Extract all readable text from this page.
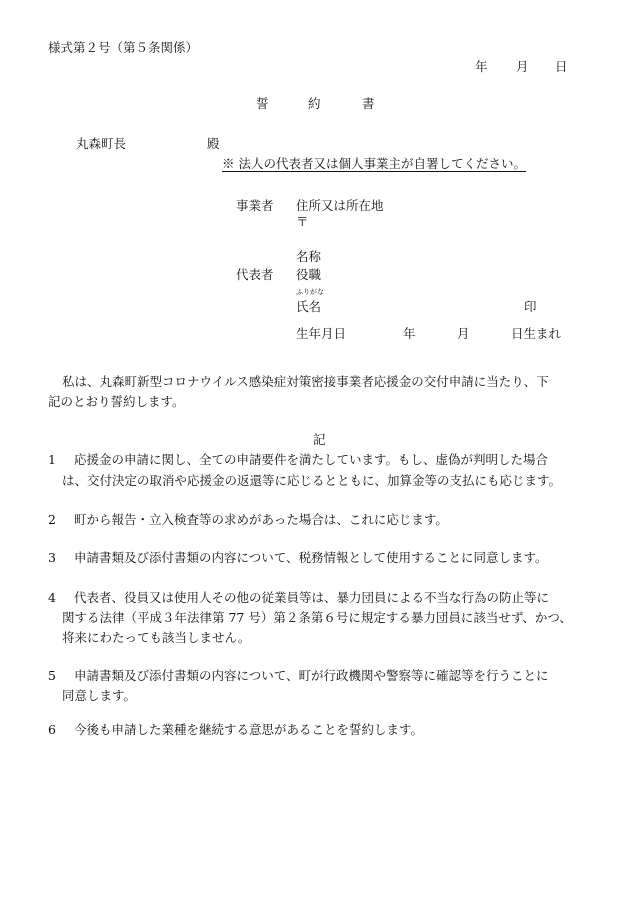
様式第２号（第５条関係）
年 月 日
誓	約	書
丸森町長	殿
※ 法人の代表者又は個人事業主が自署してください。
事業者 住所又は所在地
〒
名称
代表者 役職
ふりがな
氏名	印
生年月日	年	月	日生まれ
私は、丸森町新型コロナウイルス感染症対策密接事業者応援金の交付申請に当たり、下
記のとおり誓約します。
記
1 応援金の申請に関し、全ての申請要件を満たしています。もし、虚偽が判明した場合
は、交付決定の取消や応援金の返還等に応じるとともに、加算金等の支払にも応じます。
2 町から報告・立入検査等の求めがあった場合は、これに応じます。
3 申請書類及び添付書類の内容について、税務情報として使用することに同意します。
4 代表者、役員又は使用人その他の従業員等は、暴力団員による不当な行為の防止等に
関する法律（平成３年法律第 77 号）第２条第６号に規定する暴力団員に該当せず、かつ、
将来にわたっても該当しません。
5 申請書類及び添付書類の内容について、町が行政機関や警察等に確認等を行うことに
同意します。
6 今後も申請した業種を継続する意思があることを誓約します。
